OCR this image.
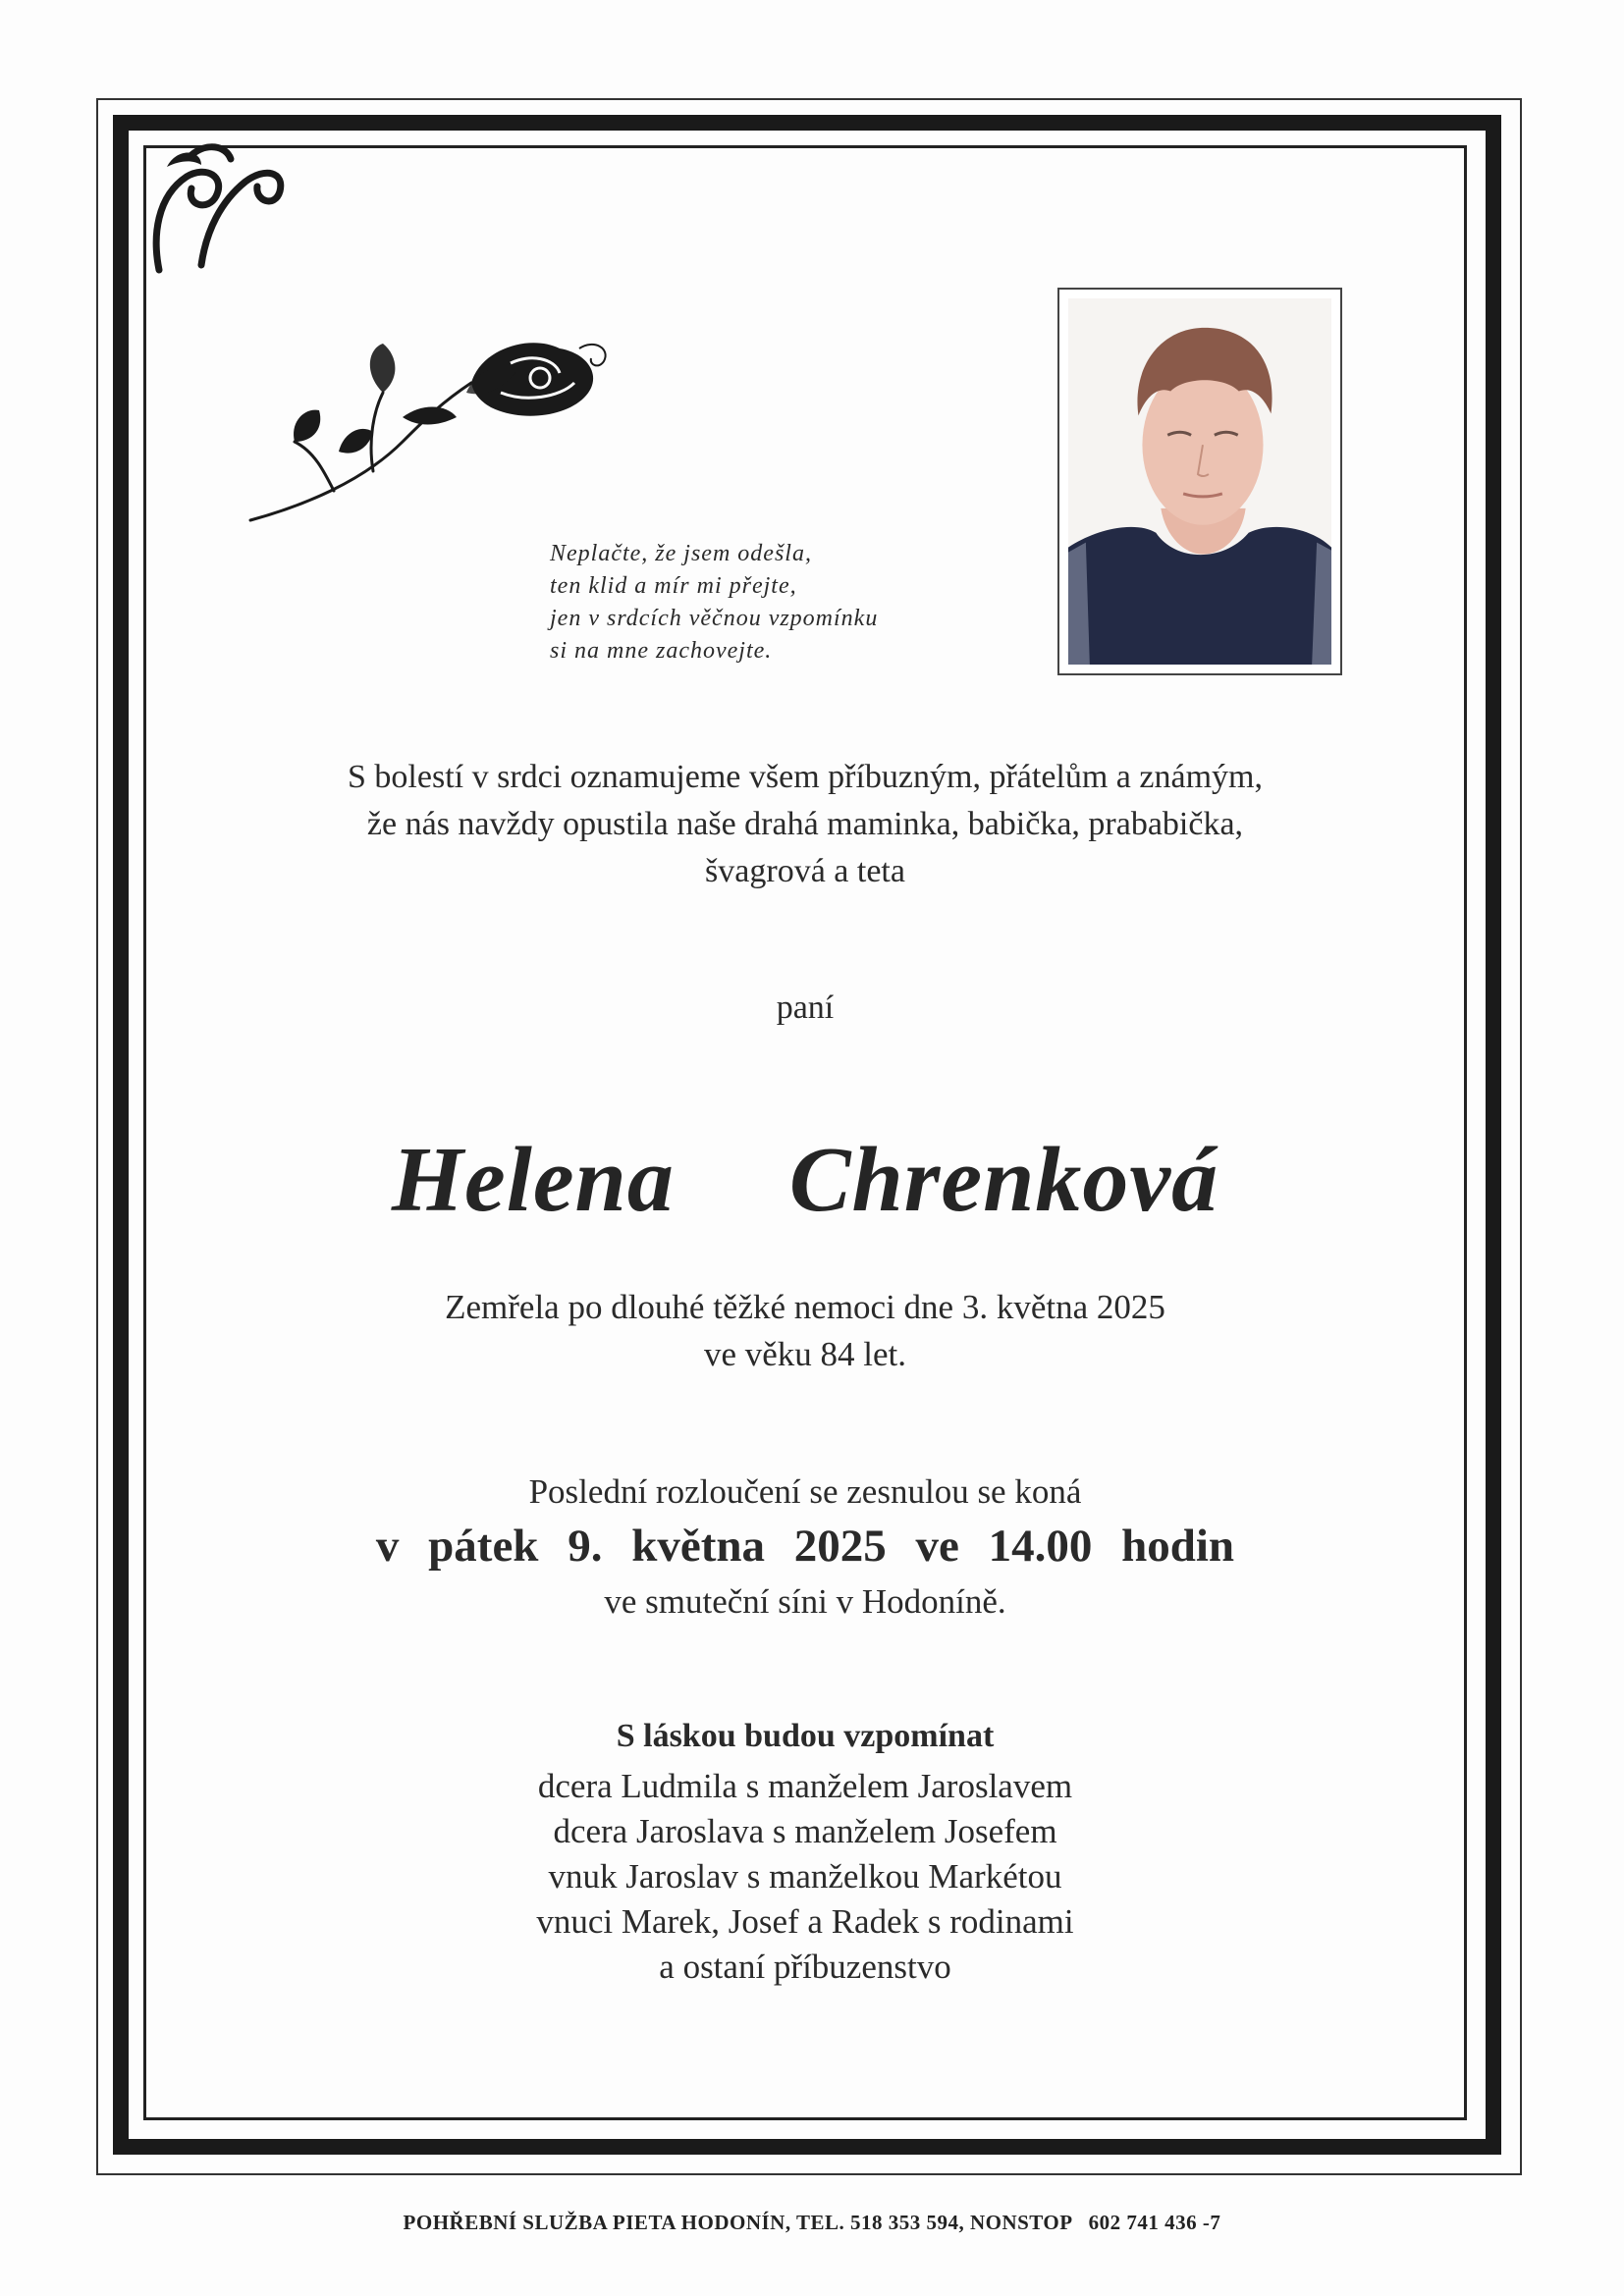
Neplačte, že jsem odešla,
ten klid a mír mi přejte,
jen v srdcích věčnou vzpomínku
si na mne zachovejte.
S bolestí v srdci oznamujeme všem příbuzným, přátelům a známým,
že nás navždy opustila naše drahá maminka, babička, prababička,
švagrová a teta
paní
Helena  Chrenková
Zemřela po dlouhé těžké nemoci dne 3. května 2025
ve věku 84 let.
Poslední rozloučení se zesnulou se koná
v pátek 9. května 2025 ve 14.00 hodin
ve smuteční síni v Hodoníně.
S láskou budou vzpomínat
dcera Ludmila s manželem Jaroslavem
dcera Jaroslava s manželem Josefem
vnuk Jaroslav s manželkou Markétou
vnuci Marek, Josef a Radek s rodinami
a ostaní příbuzenstvo
POHŘEBNÍ SLUŽBA PIETA HODONÍN, TEL. 518 353 594, NONSTOP   602 741 436 -7
